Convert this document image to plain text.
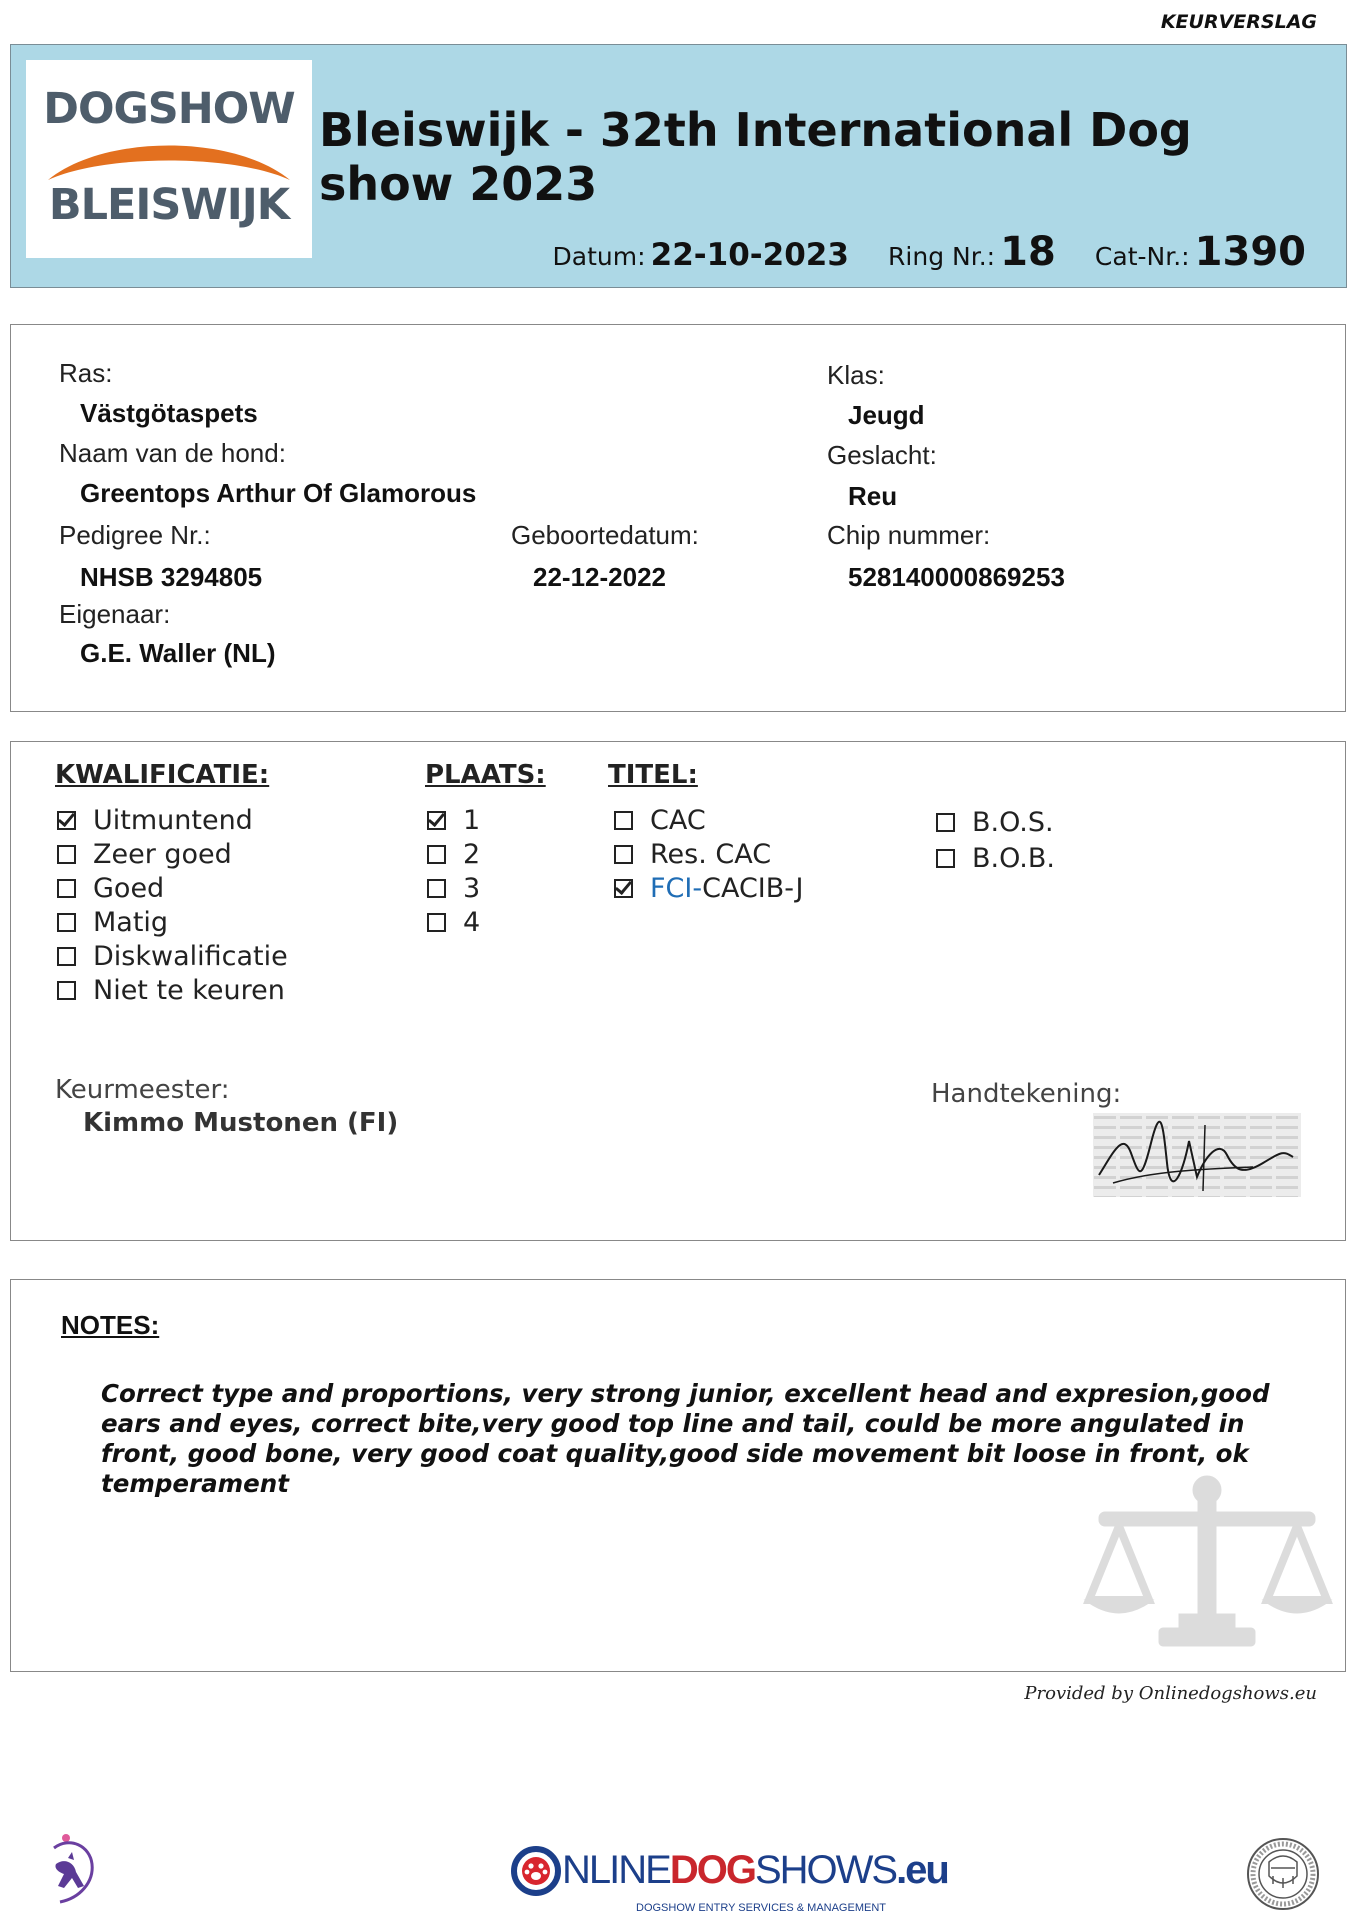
KEURVERSLAG
DOGSHOW
BLEISWIJK
Bleiswijk - 32th International Dog show 2023
Datum: 22-10-2023 Ring Nr.: 18 Cat-Nr.: 1390
Ras:
Västgötaspets
Naam van de hond:
Greentops Arthur Of Glamorous
Pedigree Nr.:
NHSB 3294805
Eigenaar:
G.E. Waller (NL)
Geboortedatum:
22-12-2022
Klas:
Jeugd
Geslacht:
Reu
Chip nummer:
528140000869253
KWALIFICATIE:	PLAATS: TITEL:
Uitmuntend
Zeer goed
Goed
Matig
Diskwalificatie
Niet te keuren
1
2
3
4
CAC
Res. CAC
FCI- CACIB-J
B.O.S.
B.O.B.
Keurmeester:
Kimmo Mustonen (FI)
Handtekening:
NOTES:
Correct type and proportions, very strong junior, excellent head and expresion,good ears and eyes, correct bite,very good top line and tail, could be more angulated in front, good bone, very good coat quality,good side movement bit loose in front, ok temperament
Provided by Onlinedogshows.eu
NLINEDOGSHOWS.eu
DOGSHOW ENTRY SERVICES & MANAGEMENT
